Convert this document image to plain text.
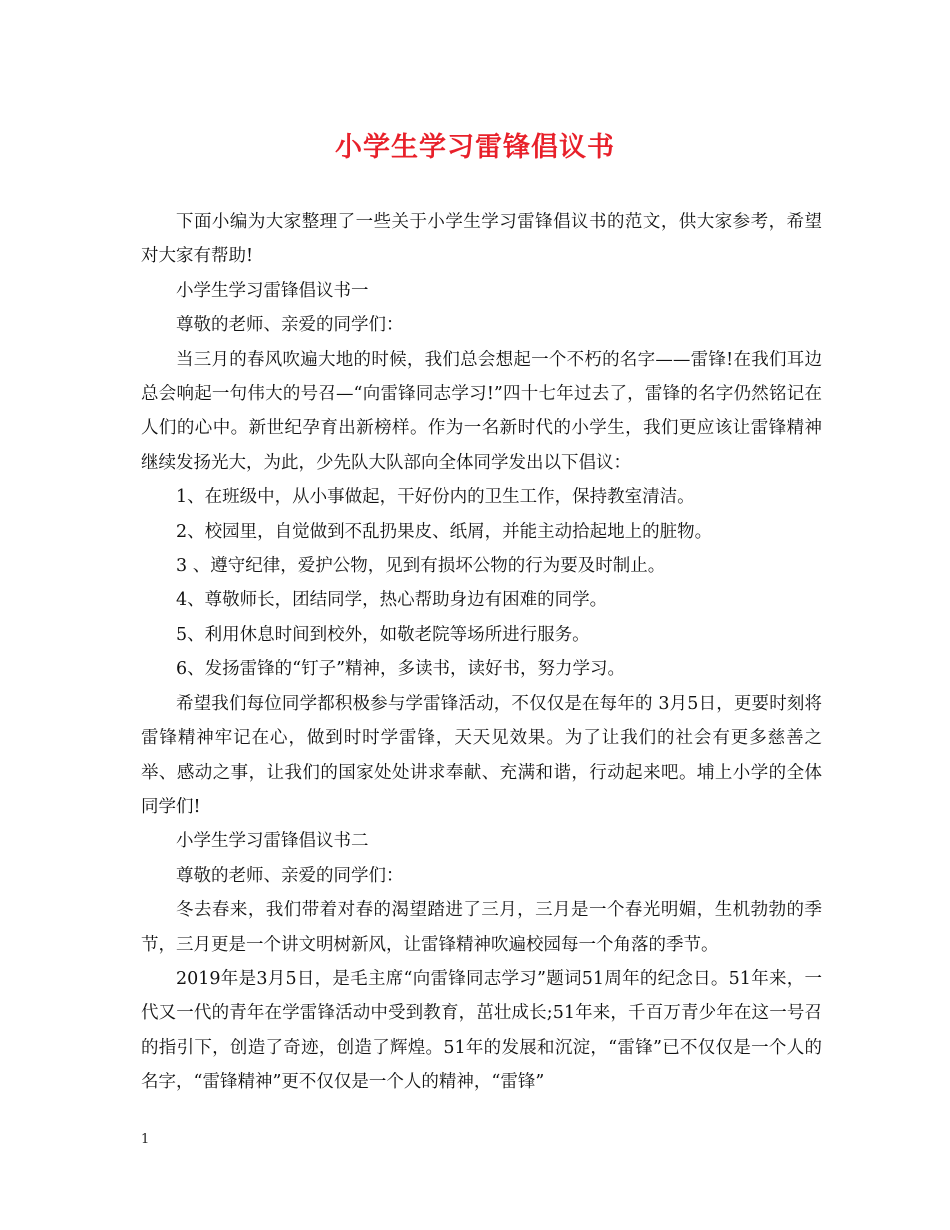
小学生学习雷锋倡议书

下面小编为大家整理了一些关于小学生学习雷锋倡议书的范文，供大家参考，希望对大家有帮助!

小学生学习雷锋倡议书一

尊敬的老师、亲爱的同学们：

当三月的春风吹遍大地的时候，我们总会想起一个不朽的名字——雷锋!在我们耳边总会响起一句伟大的号召—“向雷锋同志学习!”四十七年过去了，雷锋的名字仍然铭记在人们的心中。新世纪孕育出新榜样。作为一名新时代的小学生，我们更应该让雷锋精神继续发扬光大，为此，少先队大队部向全体同学发出以下倡议：

1、在班级中，从小事做起，干好份内的卫生工作，保持教室清洁。

2、校园里，自觉做到不乱扔果皮、纸屑，并能主动拾起地上的脏物。

3 、遵守纪律，爱护公物，见到有损坏公物的行为要及时制止。

4、尊敬师长，团结同学，热心帮助身边有困难的同学。

5、利用休息时间到校外，如敬老院等场所进行服务。

6、发扬雷锋的“钉子”精神，多读书，读好书，努力学习。

希望我们每位同学都积极参与学雷锋活动，不仅仅是在每年的 3月5日，更要时刻将雷锋精神牢记在心，做到时时学雷锋，天天见效果。为了让我们的社会有更多慈善之举、感动之事，让我们的国家处处讲求奉献、充满和谐，行动起来吧。埔上小学的全体同学们!

小学生学习雷锋倡议书二

尊敬的老师、亲爱的同学们：

冬去春来，我们带着对春的渴望踏进了三月，三月是一个春光明媚，生机勃勃的季节，三月更是一个讲文明树新风，让雷锋精神吹遍校园每一个角落的季节。

2019年是3月5日，是毛主席“向雷锋同志学习”题词51周年的纪念日。51年来，一代又一代的青年在学雷锋活动中受到教育，茁壮成长;51年来，千百万青少年在这一号召的指引下，创造了奇迹，创造了辉煌。51年的发展和沉淀，“雷锋”已不仅仅是一个人的名字，“雷锋精神”更不仅仅是一个人的精神，“雷锋”

1
